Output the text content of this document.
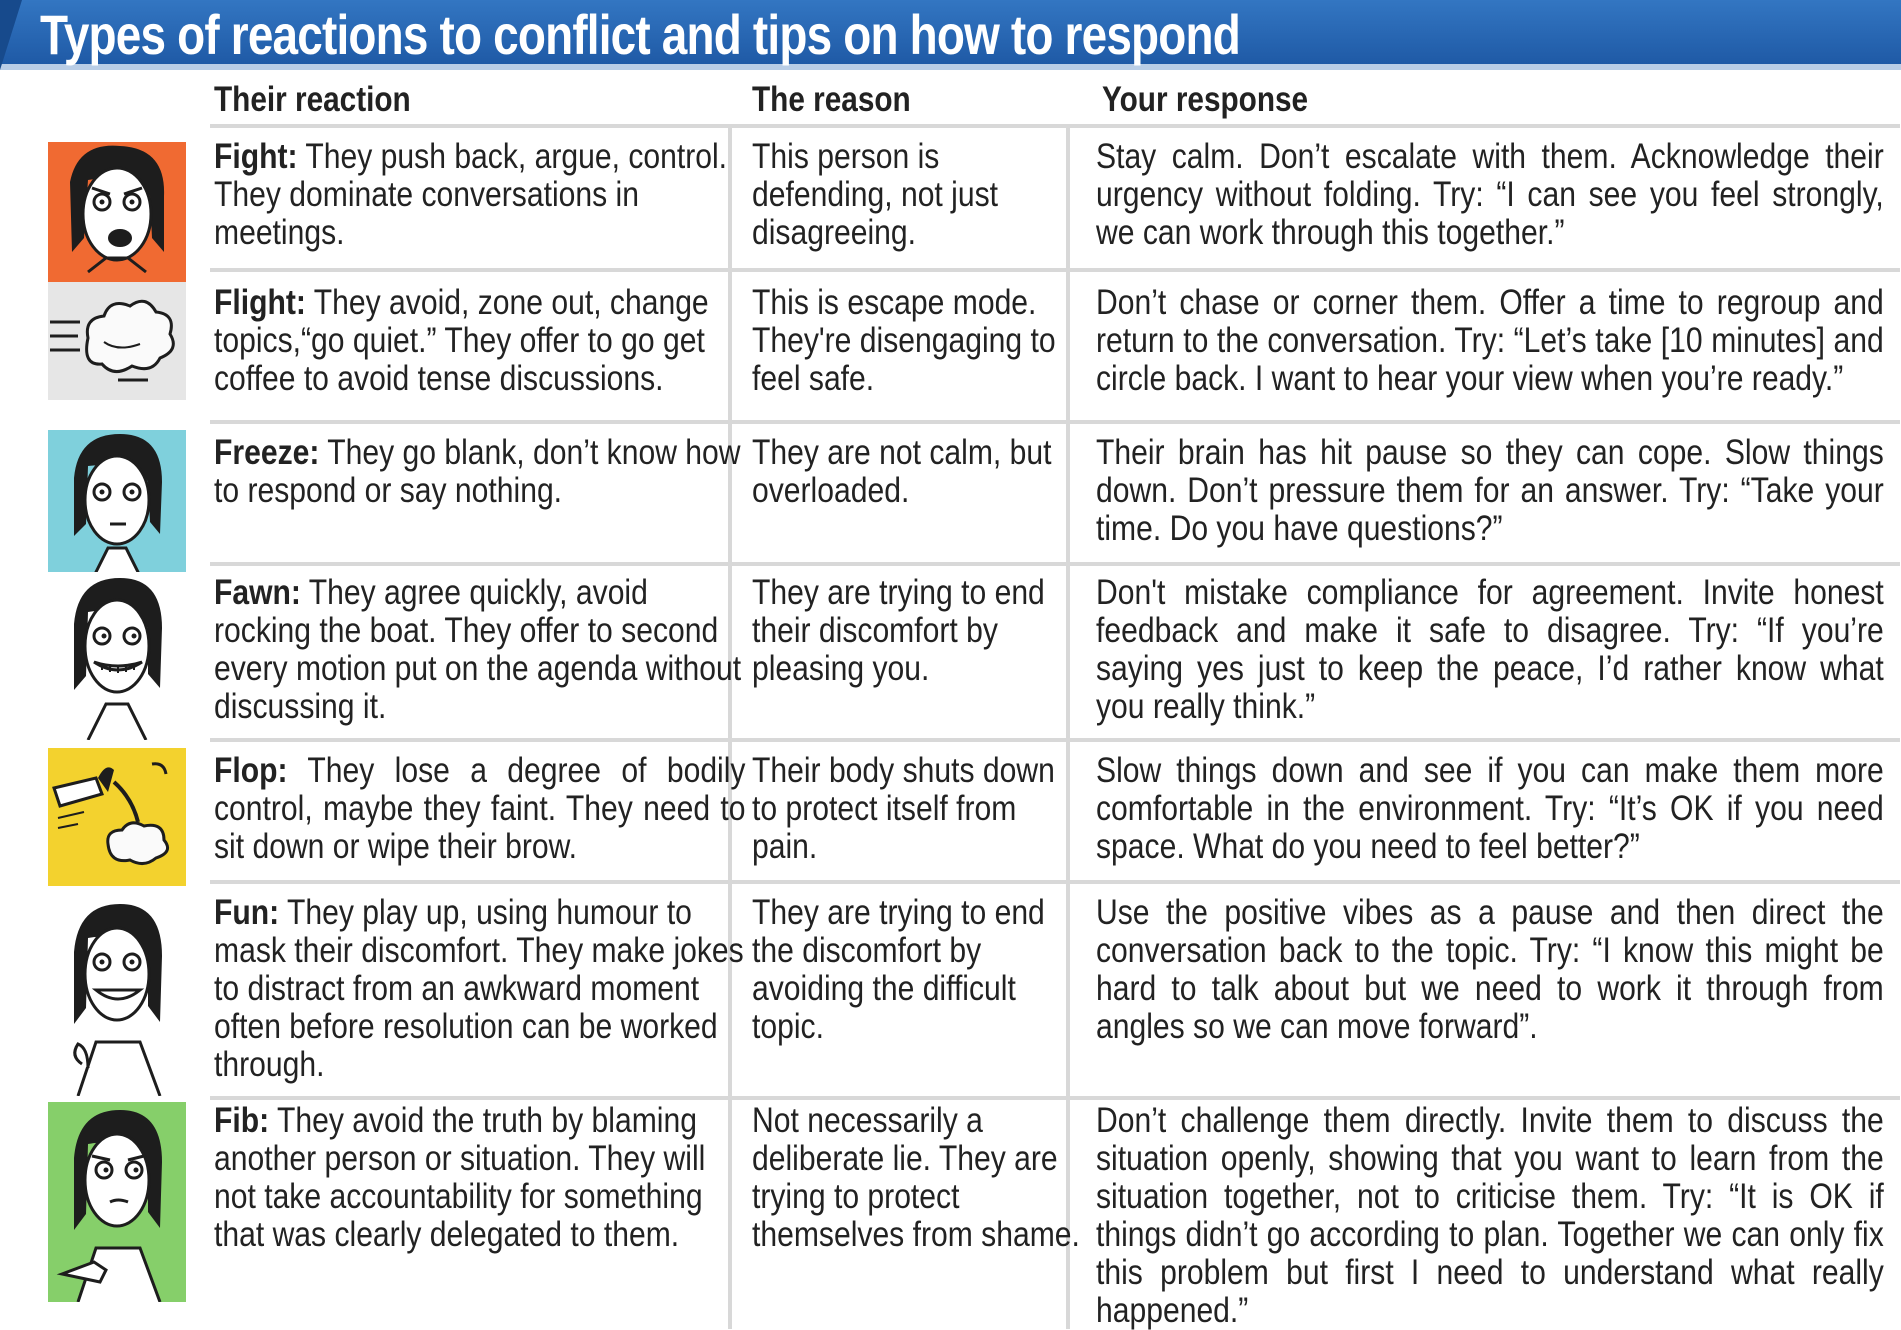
Types of reactions to conflict and tips on how to respond
Their reaction	The reason	Your response
Fight: They push back, argue, control. They dominate conversations in meetings.
This person is defending, not just disagreeing.
Stay calm. Don’t escalate with them. Acknowledge their urgency without folding. Try: “I can see you feel strongly, we can work through this together.”
Flight: They avoid, zone out, change topics,“go quiet.” They offer to go get coffee to avoid tense discussions.
This is escape mode. They're disengaging to feel safe.
Don’t chase or corner them. Offer a time to regroup and return to the conversation. Try: “Let’s take [10 minutes] and circle back. I want to hear your view when you’re ready.”
Freeze: They go blank, don’t know how to respond or say nothing.
They are not calm, but overloaded.
Their brain has hit pause so they can cope. Slow things down. Don’t pressure them for an answer. Try: “Take your time. Do you have questions?”
Fawn: They agree quickly, avoid rocking the boat. They offer to second every motion put on the agenda without discussing it.
They are trying to end their discomfort by pleasing you.
Don't mistake compliance for agreement. Invite honest feedback and make it safe to disagree. Try: “If you’re saying yes just to keep the peace, I’d rather know what you really think.”
Flop: They lose a degree of bodily control, maybe they faint. They need to sit down or wipe their brow.
Their body shuts down to protect itself from pain.
Slow things down and see if you can make them more comfortable in the environment. Try: “It’s OK if you need space. What do you need to feel better?”
Fun: They play up, using humour to mask their discomfort. They make jokes to distract from an awkward moment often before resolution can be worked through.
They are trying to end the discomfort by avoiding the difficult topic.
Use the positive vibes as a pause and then direct the conversation back to the topic. Try: “I know this might be hard to talk about but we need to work it through from angles so we can move forward”.
Fib: They avoid the truth by blaming another person or situation. They will not take accountability for something that was clearly delegated to them.
Not necessarily a deliberate lie. They are trying to protect themselves from shame.
Don’t challenge them directly. Invite them to discuss the situation openly, showing that you want to learn from the situation together, not to criticise them. Try: “It is OK if things didn’t go according to plan. Together we can only fix this problem but first I need to understand what really happened.”
